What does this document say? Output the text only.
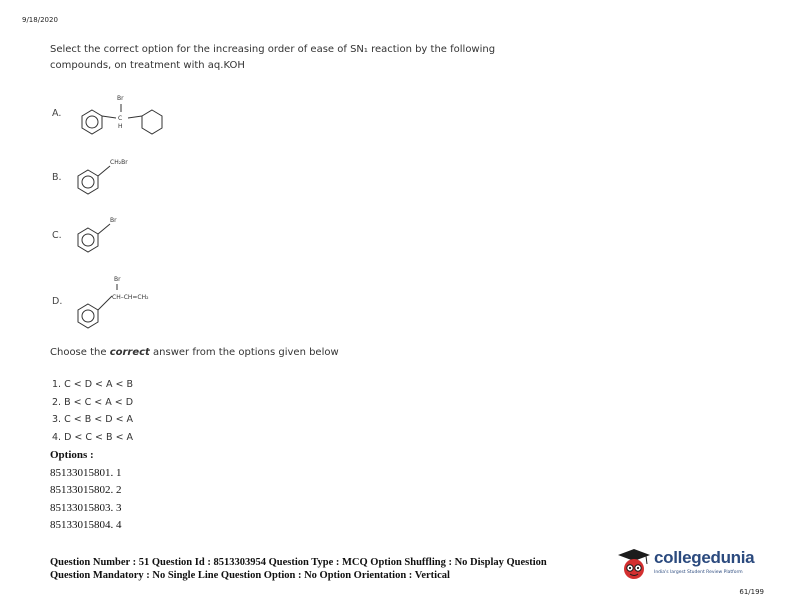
9/18/2020
Select the correct option for the increasing order of ease of SN₁ reaction by the following
compounds, on treatment with aq.KOH
A.
Br
C
H
B.
CH₂Br
C.
Br
D.
Br
CH–CH=CH₂
Choose the correct answer from the options given below
1. C < D < A < B
2. B < C < A < D
3. C < B < D < A
4. D < C < B < A
Options :
85133015801. 1
85133015802. 2
85133015803. 3
85133015804. 4
Question Number : 51 Question Id : 8513303954 Question Type : MCQ Option Shuffling : No Display Question
Question Mandatory : No Single Line Question Option : No Option Orientation : Vertical
collegedunia
India's largest Student Review Platform
61/199
